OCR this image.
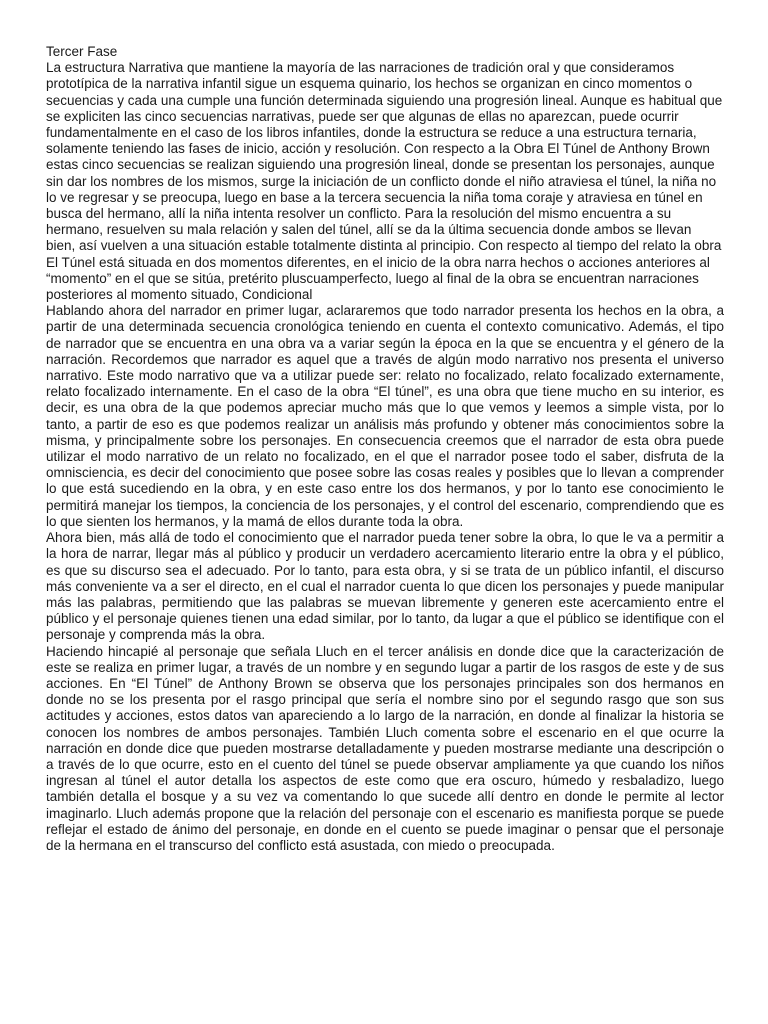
Tercer Fase

La estructura Narrativa que mantiene la mayoría de las narraciones de tradición oral y que consideramos prototípica de la narrativa infantil sigue un esquema quinario, los hechos se organizan en cinco momentos o secuencias y cada una cumple una función determinada siguiendo una progresión lineal. Aunque es habitual que se expliciten las cinco secuencias narrativas, puede ser que algunas de ellas no aparezcan, puede ocurrir fundamentalmente en el caso de los libros infantiles, donde la estructura se reduce a una estructura ternaria, solamente teniendo las fases de inicio, acción y resolución. Con respecto a la Obra El Túnel de Anthony Brown estas cinco secuencias se realizan siguiendo una progresión lineal, donde se presentan los personajes, aunque sin dar los nombres de los mismos, surge la iniciación de un conflicto donde el niño atraviesa el túnel, la niña no lo ve regresar y se preocupa, luego en base a la tercera secuencia la niña toma coraje y atraviesa en túnel en busca del hermano, allí la niña intenta resolver un conflicto. Para la resolución del mismo encuentra a su hermano, resuelven su mala relación y salen del túnel, allí se da la última secuencia donde ambos se llevan bien, así vuelven a una situación estable totalmente distinta al principio. Con respecto al tiempo del relato la obra El Túnel está situada en dos momentos diferentes, en el inicio de la obra narra hechos o acciones anteriores al “momento” en el que se sitúa, pretérito pluscuamperfecto, luego al final de la obra se encuentran narraciones posteriores al momento situado, Condicional

Hablando ahora del narrador en primer lugar, aclararemos que todo narrador presenta los hechos en la obra, a partir de una determinada secuencia cronológica teniendo en cuenta el contexto comunicativo. Además, el tipo de narrador que se encuentra en una obra va a variar según la época en la que se encuentra y el género de la narración. Recordemos que narrador es aquel que a través de algún modo narrativo nos presenta el universo narrativo. Este modo narrativo que va a utilizar puede ser: relato no focalizado, relato focalizado externamente, relato focalizado internamente. En el caso de la obra “El túnel”, es una obra que tiene mucho en su interior, es decir, es una obra de la que podemos apreciar mucho más que lo que vemos y leemos a simple vista, por lo tanto, a partir de eso es que podemos realizar un análisis más profundo y obtener más conocimientos sobre la misma, y principalmente sobre los personajes. En consecuencia creemos que el narrador de esta obra puede utilizar el modo narrativo de un relato no focalizado, en el que el narrador posee todo el saber, disfruta de la omnisciencia, es decir del conocimiento que posee sobre las cosas reales y posibles que lo llevan a comprender lo que está sucediendo en la obra, y en este caso entre los dos hermanos, y por lo tanto ese conocimiento le permitirá manejar los tiempos, la conciencia de los personajes, y el control del escenario, comprendiendo que es lo que sienten los hermanos, y la mamá de ellos durante toda la obra.

Ahora bien, más allá de todo el conocimiento que el narrador pueda tener sobre la obra, lo que le va a permitir a la hora de narrar, llegar más al público y producir un verdadero acercamiento literario entre la obra y el público, es que su discurso sea el adecuado. Por lo tanto, para esta obra, y si se trata de un público infantil, el discurso más conveniente va a ser el directo, en el cual el narrador cuenta lo que dicen los personajes y puede manipular más las palabras, permitiendo que las palabras se muevan libremente y generen este acercamiento entre el público y el personaje quienes tienen una edad similar, por lo tanto, da lugar a que el público se identifique con el personaje y comprenda más la obra.

Haciendo hincapié al personaje que señala Lluch en el tercer análisis en donde dice que la caracterización de este se realiza en primer lugar, a través de un nombre y en segundo lugar a partir de los rasgos de este y de sus acciones. En “El Túnel” de Anthony Brown se observa que los personajes principales son dos hermanos en donde no se los presenta por el rasgo principal que sería el nombre sino por el segundo rasgo que son sus actitudes y acciones, estos datos van apareciendo a lo largo de la narración, en donde al finalizar la historia se conocen los nombres de ambos personajes. También Lluch comenta sobre el escenario en el que ocurre la narración en donde dice que pueden mostrarse detalladamente y pueden mostrarse mediante una descripción o a través de lo que ocurre, esto en el cuento del túnel se puede observar ampliamente ya que cuando los niños ingresan al túnel el autor detalla los aspectos de este como que era oscuro, húmedo y resbaladizo, luego también detalla el bosque y a su vez va comentando lo que sucede allí dentro en donde le permite al lector imaginarlo. Lluch además propone que la relación del personaje con el escenario es manifiesta porque se puede reflejar el estado de ánimo del personaje, en donde en el cuento se puede imaginar o pensar que el personaje de la hermana en el transcurso del conflicto está asustada, con miedo o preocupada.
